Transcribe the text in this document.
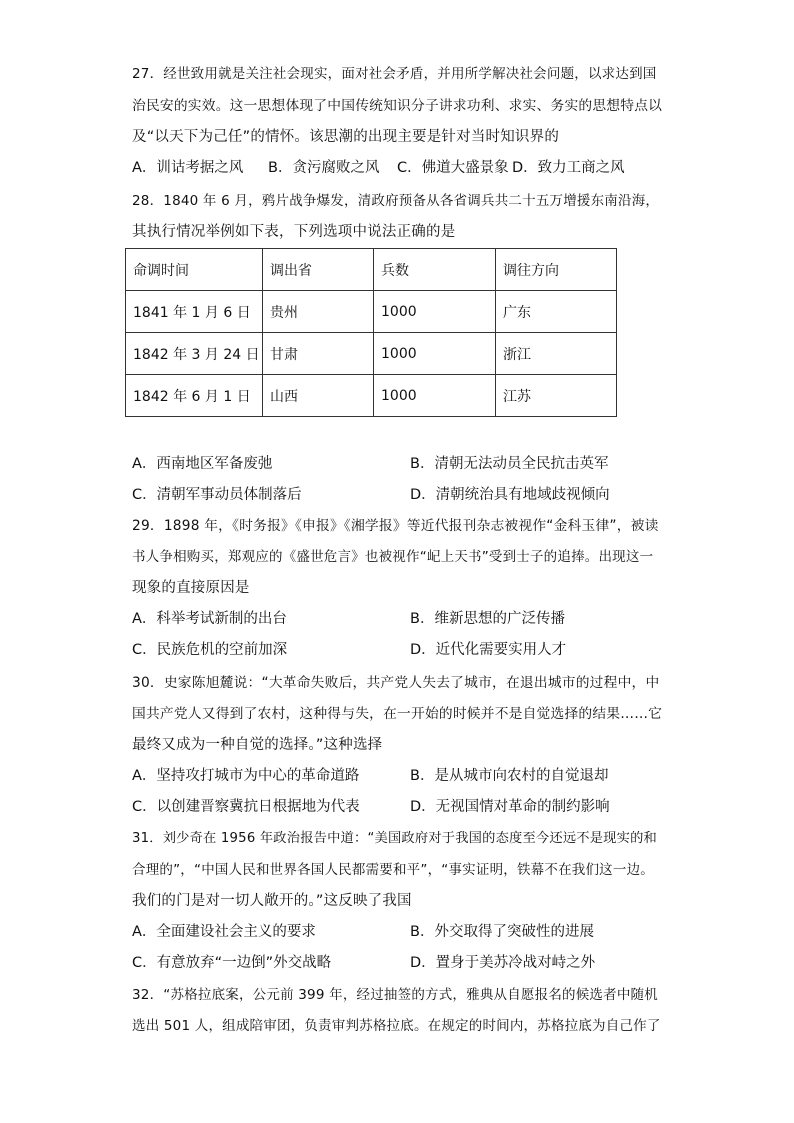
27．经世致用就是关注社会现实，面对社会矛盾，并用所学解决社会问题，以求达到国
治民安的实效。这一思想体现了中国传统知识分子讲求功利、求实、务实的思想特点以
及“以天下为己任”的情怀。该思潮的出现主要是针对当时知识界的
A．训诂考据之风 B．贪污腐败之风 C．佛道大盛景象 D．致力工商之风
28．1840 年 6 月，鸦片战争爆发，清政府预备从各省调兵共二十五万增援东南沿海，
其执行情况举例如下表，下列选项中说法正确的是
命调时间	调出省	兵数	调往方向
1841 年 1 月 6 日	贵州	1000	广东
1842 年 3 月 24 日	甘肃	1000	浙江
1842 年 6 月 1 日	山西	1000	江苏
A．西南地区军备废弛	B．清朝无法动员全民抗击英军
C．清朝军事动员体制落后	D．清朝统治具有地域歧视倾向
29．1898 年，《时务报》《申报》《湘学报》等近代报刊杂志被视作“金科玉律”，被读
书人争相购买，郑观应的《盛世危言》也被视作“屺上天书”受到士子的追捧。出现这一
现象的直接原因是
A．科举考试新制的出台	B．维新思想的广泛传播
C．民族危机的空前加深	D．近代化需要实用人才
30．史家陈旭麓说：“大革命失败后，共产党人失去了城市，在退出城市的过程中，中
国共产党人又得到了农村，这种得与失，在一开始的时候并不是自觉选择的结果……它
最终又成为一种自觉的选择。”这种选择
A．坚持攻打城市为中心的革命道路	B．是从城市向农村的自觉退却
C．以创建晋察冀抗日根据地为代表	D．无视国情对革命的制约影响
31．刘少奇在 1956 年政治报告中道：“美国政府对于我国的态度至今还远不是现实的和
合理的”，“中国人民和世界各国人民都需要和平”，“事实证明，铁幕不在我们这一边。
我们的门是对一切人敞开的。”这反映了我国
A．全面建设社会主义的要求	B．外交取得了突破性的进展
C．有意放弃“一边倒”外交战略	D．置身于美苏冷战对峙之外
32．“苏格拉底案，公元前 399 年，经过抽签的方式，雅典从自愿报名的候选者中随机
选出 501 人，组成陪审团，负责审判苏格拉底。在规定的时间内，苏格拉底为自己作了
